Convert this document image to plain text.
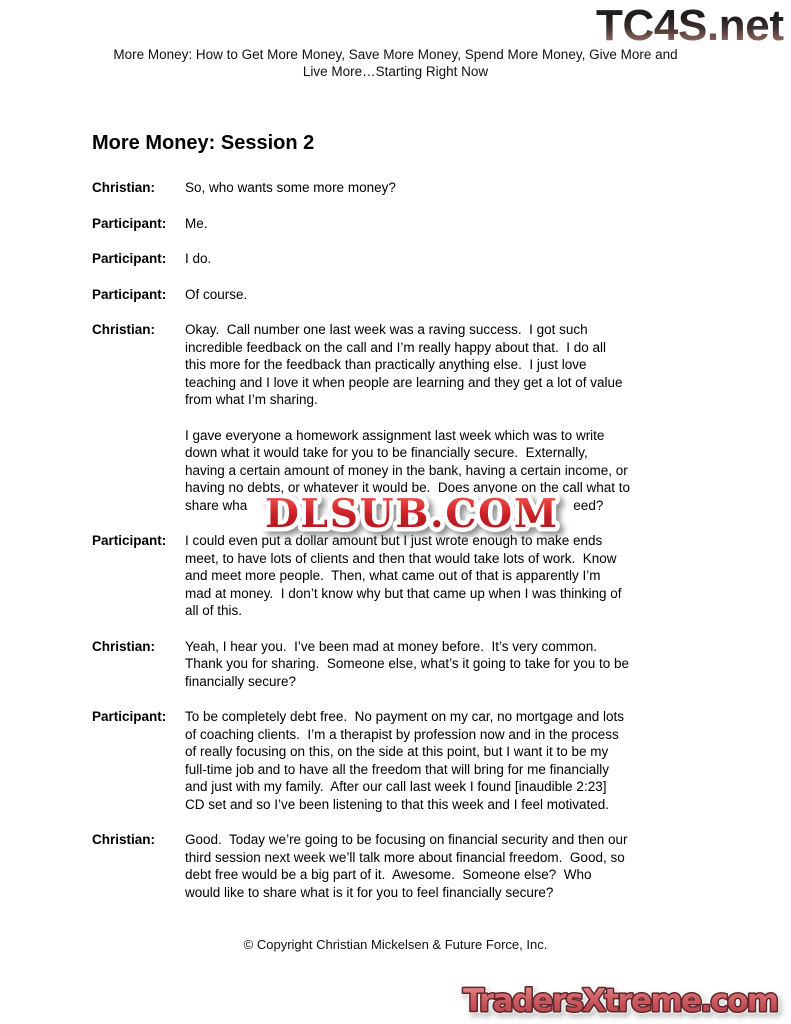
TC4S.net
More Money: How to Get More Money, Save More Money, Spend More Money, Give More and
Live More…Starting Right Now
More Money: Session 2
Christian:	So, who wants some more money?
Participant:	Me.
Participant:	I do.
Participant:	Of course.
Christian:	Okay.  Call number one last week was a raving success.  I got such
incredible feedback on the call and I’m really happy about that.  I do all
this more for the feedback than practically anything else.  I just love
teaching and I love it when people are learning and they get a lot of value
from what I’m sharing.
I gave everyone a homework assignment last week which was to write
down what it would take for you to be financially secure.  Externally,
having a certain amount of money in the bank, having a certain income, or
having no debts, or whatever it would be.  Does anyone on the call what to
share wha	eed?
Participant:	I could even put a dollar amount but I just wrote enough to make ends
meet, to have lots of clients and then that would take lots of work.  Know
and meet more people.  Then, what came out of that is apparently I’m
mad at money.  I don’t know why but that came up when I was thinking of
all of this.
Christian:	Yeah, I hear you.  I’ve been mad at money before.  It’s very common.
Thank you for sharing.  Someone else, what’s it going to take for you to be
financially secure?
Participant:	To be completely debt free.  No payment on my car, no mortgage and lots
of coaching clients.  I’m a therapist by profession now and in the process
of really focusing on this, on the side at this point, but I want it to be my
full-time job and to have all the freedom that will bring for me financially
and just with my family.  After our call last week I found [inaudible 2:23]
CD set and so I’ve been listening to that this week and I feel motivated.
Christian:	Good.  Today we’re going to be focusing on financial security and then our
third session next week we’ll talk more about financial freedom.  Good, so
debt free would be a big part of it.  Awesome.  Someone else?  Who
would like to share what is it for you to feel financially secure?
© Copyright Christian Mickelsen & Future Force, Inc.
DLSUB.COM
TradersXtreme.com
